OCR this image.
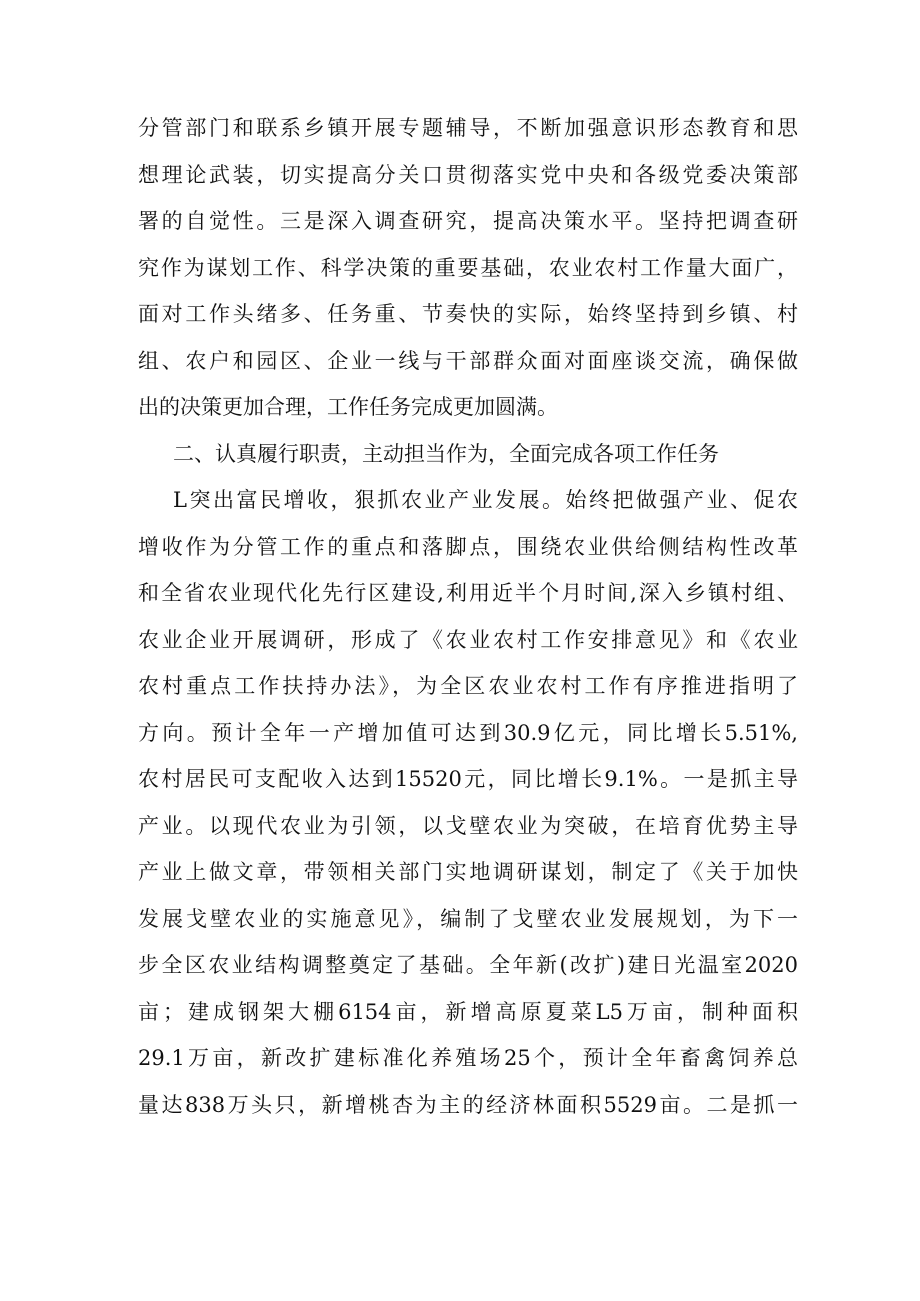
分管部门和联系乡镇开展专题辅导，不断加强意识形态教育和思
想理论武装，切实提高分关口贯彻落实党中央和各级党委决策部
署的自觉性。三是深入调查研究，提高决策水平。坚持把调查研
究作为谋划工作、科学决策的重要基础，农业农村工作量大面广，
面对工作头绪多、任务重、节奏快的实际，始终坚持到乡镇、村
组、农户和园区、企业一线与干部群众面对面座谈交流，确保做
出的决策更加合理，工作任务完成更加圆满。
二、认真履行职责，主动担当作为，全面完成各项工作任务
L突出富民增收，狠抓农业产业发展。始终把做强产业、促农
增收作为分管工作的重点和落脚点，围绕农业供给侧结构性改革
和全省农业现代化先行区建设,利用近半个月时间,深入乡镇村组、
农业企业开展调研，形成了《农业农村工作安排意见》和《农业
农村重点工作扶持办法》，为全区农业农村工作有序推进指明了
方向。预计全年一产增加值可达到30.9亿元，同比增长5.51%,
农村居民可支配收入达到15520元，同比增长9.1%。一是抓主导
产业。以现代农业为引领，以戈壁农业为突破，在培育优势主导
产业上做文章，带领相关部门实地调研谋划，制定了《关于加快
发展戈壁农业的实施意见》，编制了戈壁农业发展规划，为下一
步全区农业结构调整奠定了基础。全年新(改扩)建日光温室2020
亩；建成钢架大棚6154亩，新增高原夏菜L5万亩，制种面积
29.1万亩，新改扩建标准化养殖场25个，预计全年畜禽饲养总
量达838万头只，新增桃杏为主的经济林面积5529亩。二是抓一
